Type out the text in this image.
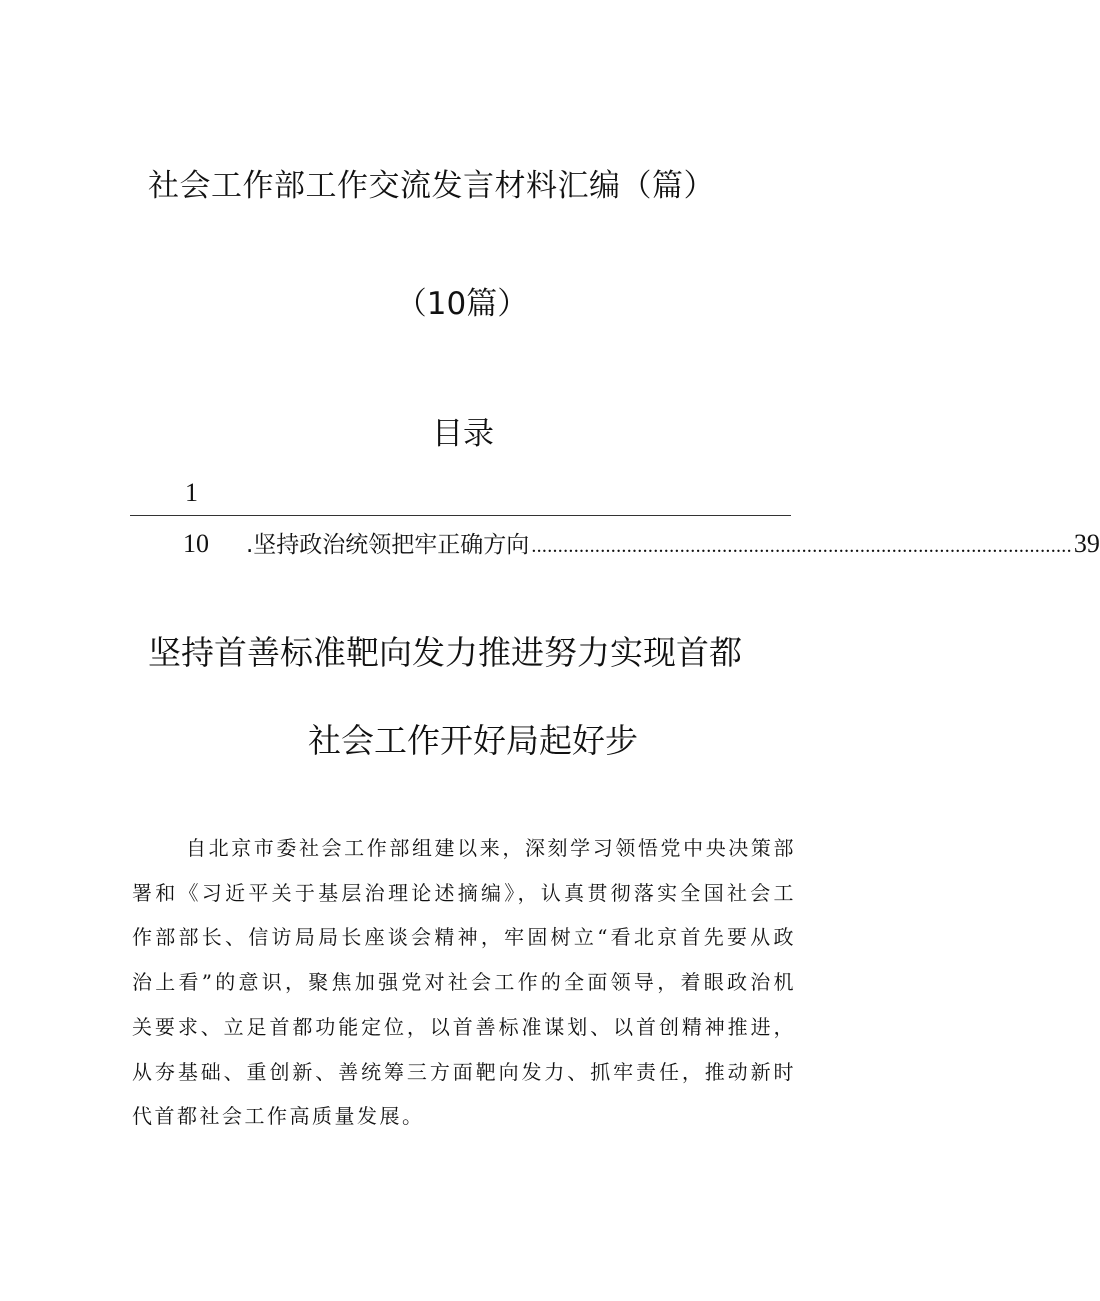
社会工作部工作交流发言材料汇编（篇）
（10篇）
目录
1
10	.坚持政治统领把牢正确方向 ...................................................................................................... 39
坚持首善标准靶向发力推进努力实现首都
社会工作开好局起好步

自北京市委社会工作部组建以来，深刻学习领悟党中央决策部署和《习近平关于基层治理论述摘编》，认真贯彻落实全国社会工作部部长、信访局局长座谈会精神，牢固树立“看北京首先要从政治上看”的意识，聚焦加强党对社会工作的全面领导，着眼政治机关要求、立足首都功能定位，以首善标准谋划、以首创精神推进，从夯基础、重创新、善统筹三方面靶向发力、抓牢责任，推动新时代首都社会工作高质量发展。
